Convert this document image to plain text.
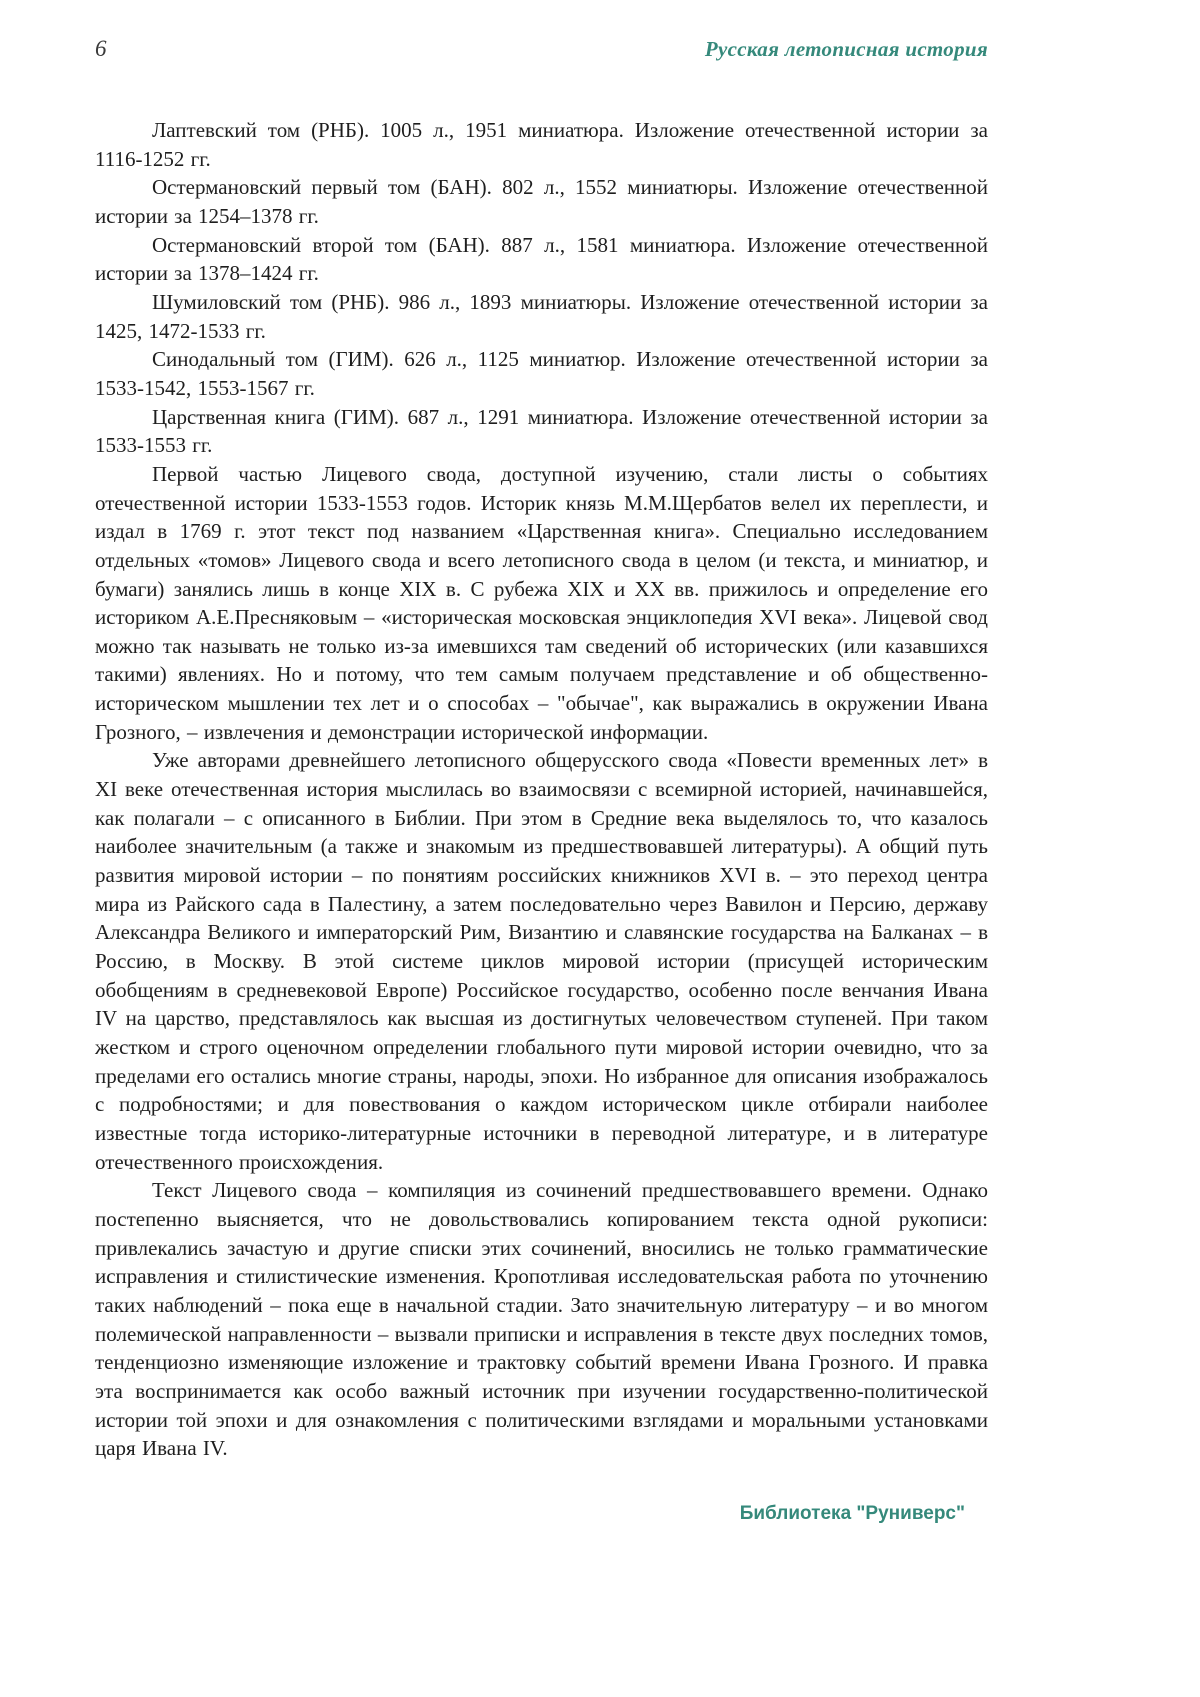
6	Русская летописная история

Лаптевский том (РНБ). 1005 л., 1951 миниатюра. Изложение отечественной истории за 1116-1252 гг.

Остермановский первый том (БАН). 802 л., 1552 миниатюры. Изложение отечественной истории за 1254–1378 гг.

Остермановский второй том (БАН). 887 л., 1581 миниатюра. Изложение отечественной истории за 1378–1424 гг.

Шумиловский том (РНБ). 986 л., 1893 миниатюры. Изложение отечественной истории за 1425, 1472-1533 гг.

Синодальный том (ГИМ). 626 л., 1125 миниатюр. Изложение отечественной истории за 1533-1542, 1553-1567 гг.

Царственная книга (ГИМ). 687 л., 1291 миниатюра. Изложение отечественной истории за 1533-1553 гг.

Первой частью Лицевого свода, доступной изучению, стали листы о событиях отечественной истории 1533-1553 годов. Историк князь М.М.Щербатов велел их переплести, и издал в 1769 г. этот текст под названием «Царственная книга». Специально исследованием отдельных «томов» Лицевого свода и всего летописного свода в целом (и текста, и миниатюр, и бумаги) занялись лишь в конце XIX в. С рубежа XIX и XX вв. прижилось и определение его историком А.Е.Пресняковым – «историческая московская энциклопедия XVI века». Лицевой свод можно так называть не только из-за имевшихся там сведений об исторических (или казавшихся такими) явлениях. Но и потому, что тем самым получаем представление и об общественно-историческом мышлении тех лет и о способах – "обычае", как выражались в окружении Ивана Грозного, – извлечения и демонстрации исторической информации.

Уже авторами древнейшего летописного общерусского свода «Повести временных лет» в XI веке отечественная история мыслилась во взаимосвязи с всемирной историей, начинавшейся, как полагали – с описанного в Библии. При этом в Средние века выделялось то, что казалось наиболее значительным (а также и знакомым из предшествовавшей литературы). А общий путь развития мировой истории – по понятиям российских книжников XVI в. – это переход центра мира из Райского сада в Палестину, а затем последовательно через Вавилон и Персию, державу Александра Великого и императорский Рим, Византию и славянские государства на Балканах – в Россию, в Москву. В этой системе циклов мировой истории (присущей историческим обобщениям в средневековой Европе) Российское государство, особенно после венчания Ивана IV на царство, представлялось как высшая из достигнутых человечеством ступеней. При таком жестком и строго оценочном определении глобального пути мировой истории очевидно, что за пределами его остались многие страны, народы, эпохи. Но избранное для описания изображалось с подробностями; и для повествования о каждом историческом цикле отбирали наиболее известные тогда историко-литературные источники в переводной литературе, и в литературе отечественного происхождения.

Текст Лицевого свода – компиляция из сочинений предшествовавшего времени. Однако постепенно выясняется, что не довольствовались копированием текста одной рукописи: привлекались зачастую и другие списки этих сочинений, вносились не только грамматические исправления и стилистические изменения. Кропотливая исследовательская работа по уточнению таких наблюдений – пока еще в начальной стадии. Зато значительную литературу – и во многом полемической направленности – вызвали приписки и исправления в тексте двух последних томов, тенденциозно изменяющие изложение и трактовку событий времени Ивана Грозного. И правка эта воспринимается как особо важный источник при изучении государственно-политической истории той эпохи и для ознакомления с политическими взглядами и моральными установками царя Ивана IV.

Библиотека "Руниверс"
